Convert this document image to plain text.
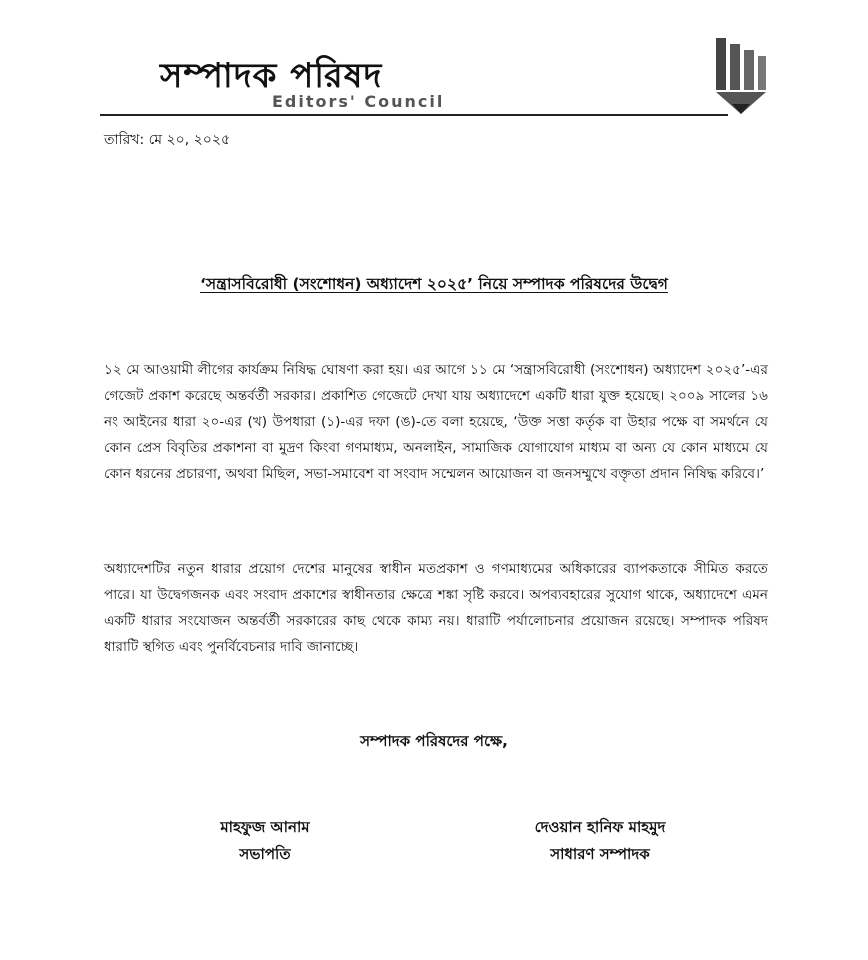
সম্পাদক পরিষদ
Editors' Council
তারিখ: মে ২০, ২০২৫
‘সন্ত্রাসবিরোধী (সংশোধন) অধ্যাদেশ ২০২৫’ নিয়ে সম্পাদক পরিষদের উদ্বেগ

১২ মে আওয়ামী লীগের কার্যক্রম নিষিদ্ধ ঘোষণা করা হয়। এর আগে ১১ মে ‘সন্ত্রাসবিরোধী (সংশোধন) অধ্যাদেশ ২০২৫’-এর গেজেট প্রকাশ করেছে অন্তর্বর্তী সরকার। প্রকাশিত গেজেটে দেখা যায় অধ্যাদেশে একটি ধারা যুক্ত হয়েছে। ২০০৯ সালের ১৬ নং আইনের ধারা ২০-এর (খ) উপধারা (১)-এর দফা (ঙ)-তে বলা হয়েছে, ‘উক্ত সত্তা কর্তৃক বা উহার পক্ষে বা সমর্থনে যে কোন প্রেস বিবৃতির প্রকাশনা বা মুদ্রণ কিংবা গণমাধ্যম, অনলাইন, সামাজিক যোগাযোগ মাধ্যম বা অন্য যে কোন মাধ্যমে যে কোন ধরনের প্রচারণা, অথবা মিছিল, সভা-সমাবেশ বা সংবাদ সম্মেলন আয়োজন বা জনসম্মুখে বক্তৃতা প্রদান নিষিদ্ধ করিবে।’

অধ্যাদেশটির নতুন ধারার প্রয়োগ দেশের মানুষের স্বাধীন মতপ্রকাশ ও গণমাধ্যমের অধিকারের ব্যাপকতাকে সীমিত করতে পারে। যা উদ্বেগজনক এবং সংবাদ প্রকাশের স্বাধীনতার ক্ষেত্রে শঙ্কা সৃষ্টি করবে। অপব্যবহারের সুযোগ থাকে, অধ্যাদেশে এমন একটি ধারার সংযোজন অন্তর্বর্তী সরকারের কাছ থেকে কাম্য নয়। ধারাটি পর্যালোচনার প্রয়োজন রয়েছে। সম্পাদক পরিষদ ধারাটি স্থগিত এবং পুনর্বিবেচনার দাবি জানাচ্ছে।

সম্পাদক পরিষদের পক্ষে,
মাহফুজ আনাম
সভাপতি
দেওয়ান হানিফ মাহমুদ
সাধারণ সম্পাদক
